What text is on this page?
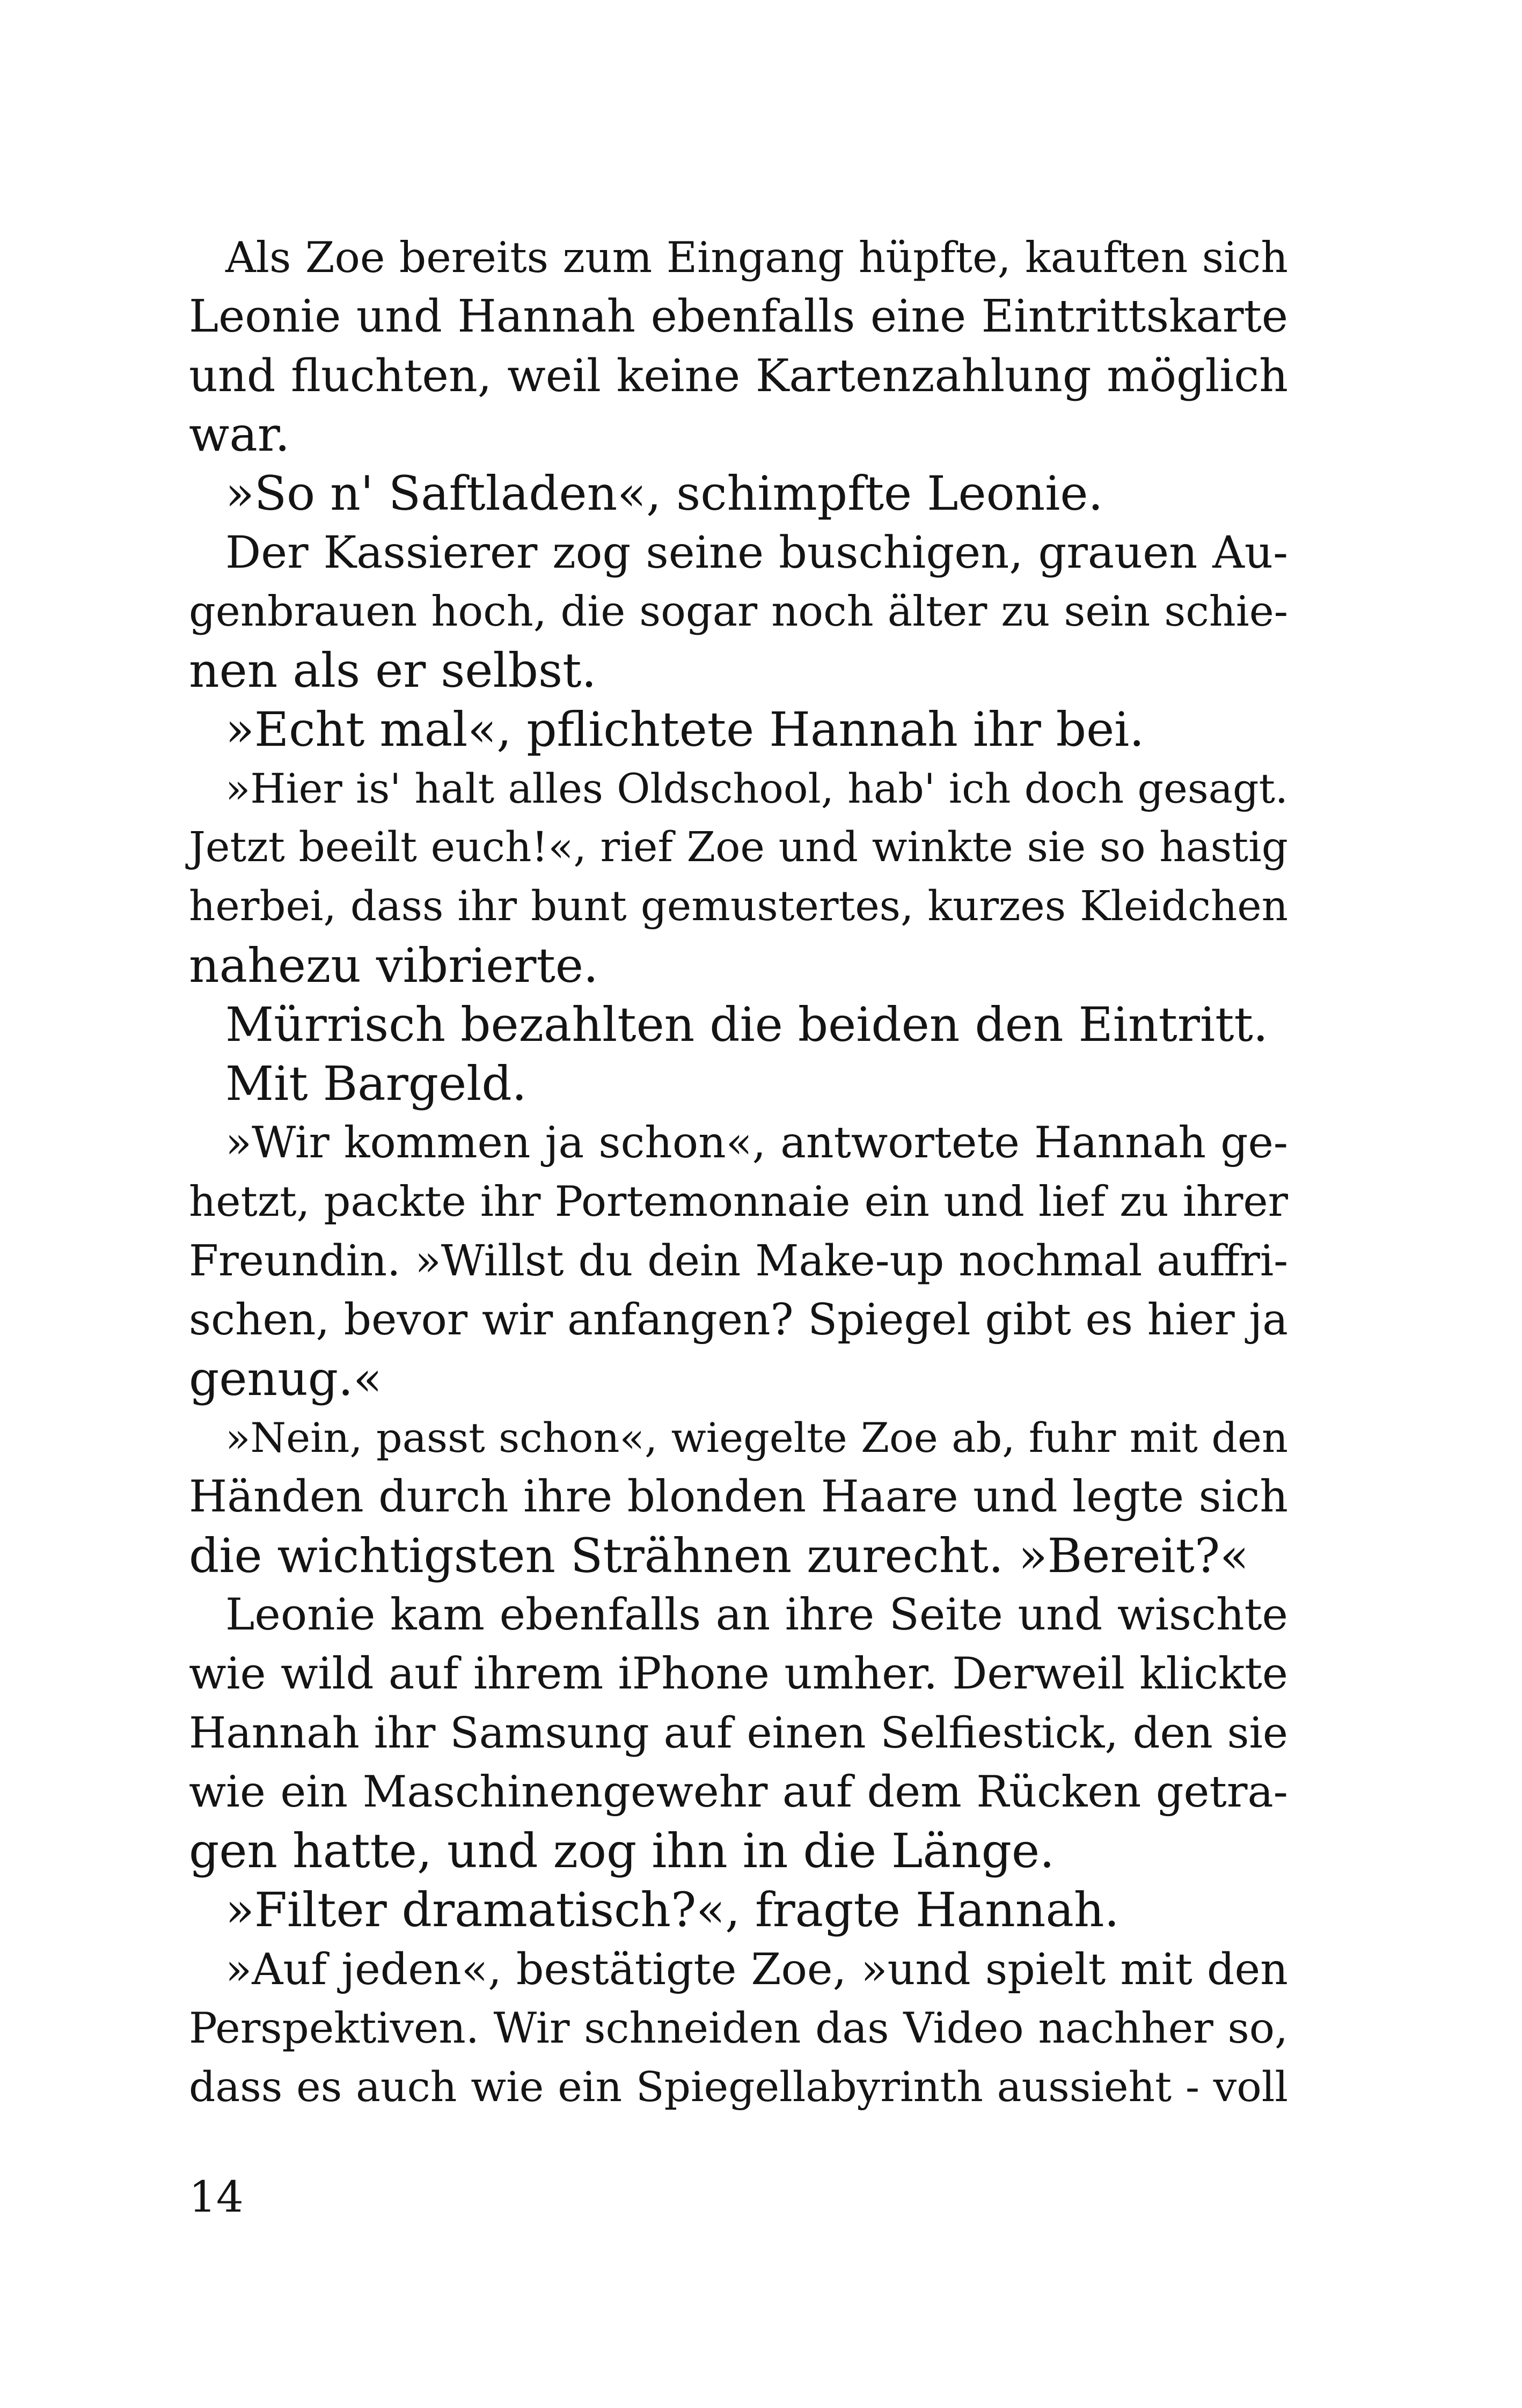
Als Zoe bereits zum Eingang hüpfte, kauften sich
Leonie und Hannah ebenfalls eine Eintrittskarte
und fluchten, weil keine Kartenzahlung möglich
war.
»So n' Saftladen«, schimpfte Leonie.
Der Kassierer zog seine buschigen, grauen Au-
genbrauen hoch, die sogar noch älter zu sein schie-
nen als er selbst.
»Echt mal«, pflichtete Hannah ihr bei.
»Hier is' halt alles Oldschool, hab' ich doch gesagt.
Jetzt beeilt euch!«, rief Zoe und winkte sie so hastig
herbei, dass ihr bunt gemustertes, kurzes Kleidchen
nahezu vibrierte.
Mürrisch bezahlten die beiden den Eintritt.
Mit Bargeld.
»Wir kommen ja schon«, antwortete Hannah ge-
hetzt, packte ihr Portemonnaie ein und lief zu ihrer
Freundin. »Willst du dein Make-up nochmal auffri-
schen, bevor wir anfangen? Spiegel gibt es hier ja
genug.«
»Nein, passt schon«, wiegelte Zoe ab, fuhr mit den
Händen durch ihre blonden Haare und legte sich
die wichtigsten Strähnen zurecht. »Bereit?«
Leonie kam ebenfalls an ihre Seite und wischte
wie wild auf ihrem iPhone umher. Derweil klickte
Hannah ihr Samsung auf einen Selfiestick, den sie
wie ein Maschinengewehr auf dem Rücken getra-
gen hatte, und zog ihn in die Länge.
»Filter dramatisch?«, fragte Hannah.
»Auf jeden«, bestätigte Zoe, »und spielt mit den
Perspektiven. Wir schneiden das Video nachher so,
dass es auch wie ein Spiegellabyrinth aussieht - voll
14
